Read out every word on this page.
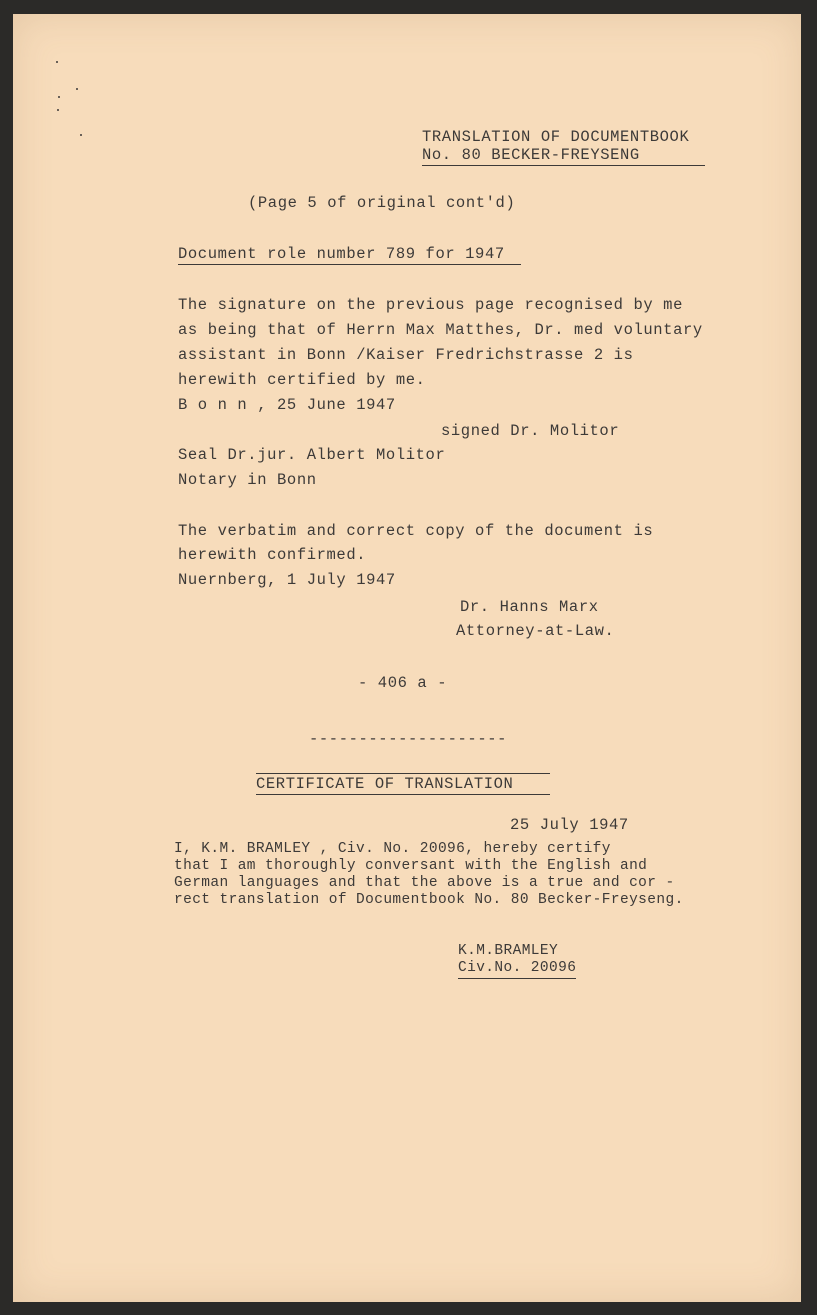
TRANSLATION OF DOCUMENTBOOK
No. 80 BECKER-FREYSENG
(Page 5 of original cont'd)
Document role number 789 for 1947
The signature on the previous page recognised by me
as being that of Herrn Max Matthes, Dr. med voluntary
assistant in Bonn /Kaiser Fredrichstrasse 2 is
herewith certified by me.
B o n n , 25 June 1947
signed Dr. Molitor
Seal Dr.jur. Albert Molitor
Notary in Bonn
The verbatim and correct copy of the document is
herewith confirmed.
Nuernberg, 1 July 1947
Dr. Hanns Marx
Attorney-at-Law.
- 406 a -
--------------------
CERTIFICATE OF TRANSLATION
25 July 1947
I, K.M. BRAMLEY , Civ. No. 20096, hereby certify
that I am thoroughly conversant with the English and
German languages and that the above is a true and cor -
rect translation of Documentbook No. 80 Becker-Freyseng.
K.M.BRAMLEY
Civ.No. 20096
